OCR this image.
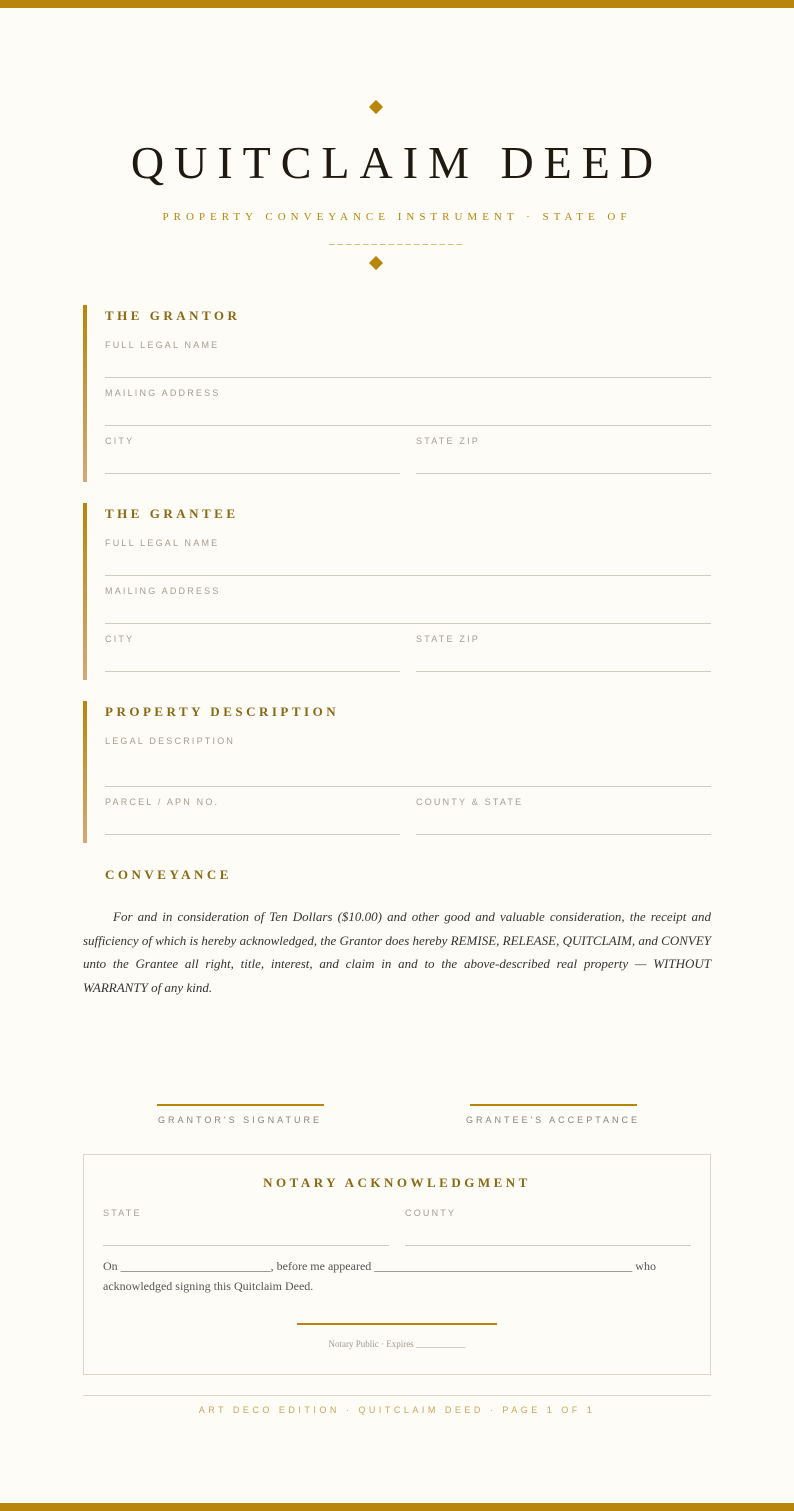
QUITCLAIM DEED
PROPERTY CONVEYANCE INSTRUMENT · STATE OF
________________
THE GRANTOR
FULL LEGAL NAME
MAILING ADDRESS
CITY	STATE ZIP
THE GRANTEE
FULL LEGAL NAME
MAILING ADDRESS
CITY	STATE ZIP
PROPERTY DESCRIPTION
LEGAL DESCRIPTION
PARCEL / APN NO.	COUNTY & STATE
CONVEYANCE
For and in consideration of Ten Dollars ($10.00) and other good and valuable consideration, the receipt and sufficiency of which is hereby acknowledged, the Grantor does hereby REMISE, RELEASE, QUITCLAIM, and CONVEY unto the Grantee all right, title, interest, and claim in and to the above-described real property — WITHOUT WARRANTY of any kind.
GRANTOR'S SIGNATURE	GRANTEE'S ACCEPTANCE
NOTARY ACKNOWLEDGMENT
STATE	COUNTY
On _________________________, before me appeared ___________________________________________ who acknowledged signing this Quitclaim Deed.
Notary Public · Expires ___________
ART DECO EDITION · QUITCLAIM DEED · PAGE 1 OF 1
